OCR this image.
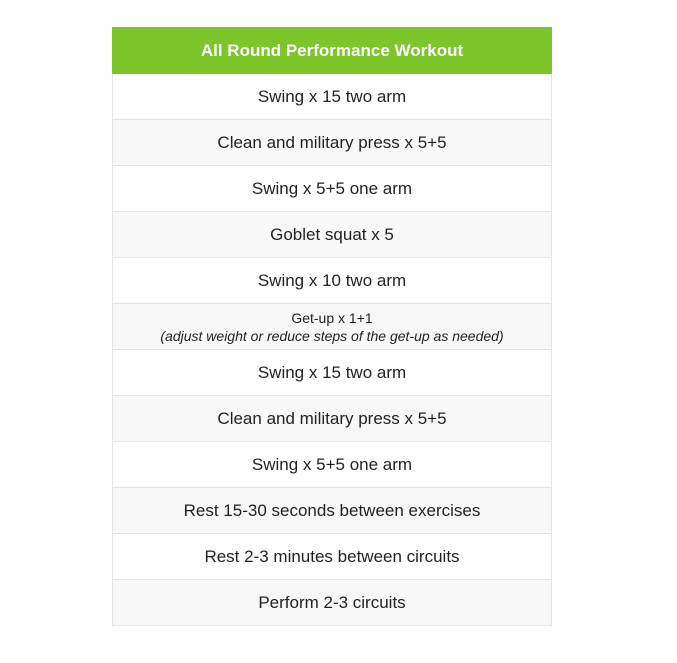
All Round Performance Workout
Swing x 15 two arm
Clean and military press x 5+5
Swing x 5+5 one arm
Goblet squat x 5
Swing x 10 two arm

Get-up x 1+1
(adjust weight or reduce steps of the get-up as needed)

Swing x 15 two arm
Clean and military press x 5+5
Swing x 5+5 one arm
Rest 15-30 seconds between exercises
Rest 2-3 minutes between circuits
Perform 2-3 circuits
